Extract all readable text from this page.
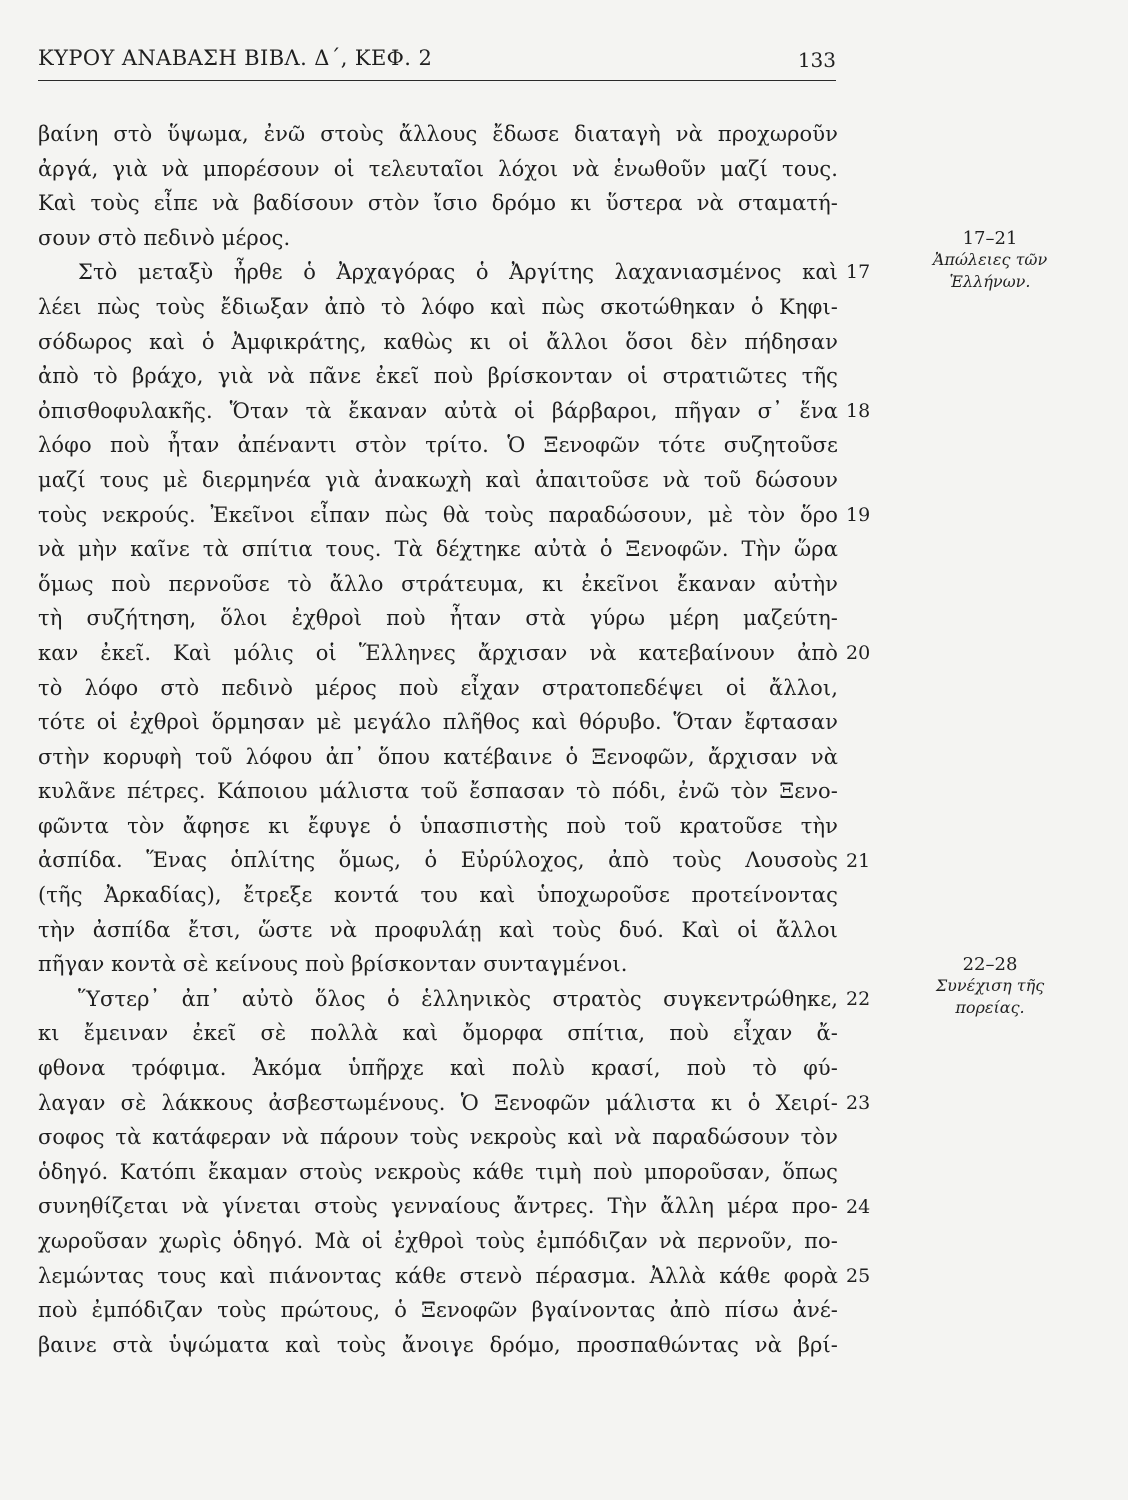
ΚΥΡΟΥ ΑΝΑΒΑΣΗ ΒΙΒΛ. Δ΄, ΚΕΦ. 2	133
βαίνη στὸ ὕψωμα, ἐνῶ στοὺς ἄλλους ἔδωσε διαταγὴ νὰ προχωροῦν
ἀργά, γιὰ νὰ μπορέσουν οἱ τελευταῖοι λόχοι νὰ ἑνωθοῦν μαζί τους.
Καὶ τοὺς εἶπε νὰ βαδίσουν στὸν ἴσιο δρόμο κι ὕστερα νὰ σταματή-
σουν στὸ πεδινὸ μέρος.
Στὸ μεταξὺ ἦρθε ὁ Ἀρχαγόρας ὁ Ἀργίτης λαχανιασμένος καὶ
λέει πὼς τοὺς ἔδιωξαν ἀπὸ τὸ λόφο καὶ πὼς σκοτώθηκαν ὁ Κηφι-
σόδωρος καὶ ὁ Ἀμφικράτης, καθὼς κι οἱ ἄλλοι ὅσοι δὲν πήδησαν
ἀπὸ τὸ βράχο, γιὰ νὰ πᾶνε ἐκεῖ ποὺ βρίσκονταν οἱ στρατιῶτες τῆς
ὀπισθοφυλακῆς. Ὅταν τὰ ἔκαναν αὐτὰ οἱ βάρβαροι, πῆγαν σ᾽ ἕνα
λόφο ποὺ ἦταν ἀπέναντι στὸν τρίτο. Ὁ Ξενοφῶν τότε συζητοῦσε
μαζί τους μὲ διερμηνέα γιὰ ἀνακωχὴ καὶ ἀπαιτοῦσε νὰ τοῦ δώσουν
τοὺς νεκρούς. Ἐκεῖνοι εἶπαν πὼς θὰ τοὺς παραδώσουν, μὲ τὸν ὅρο
νὰ μὴν καῖνε τὰ σπίτια τους. Τὰ δέχτηκε αὐτὰ ὁ Ξενοφῶν. Τὴν ὥρα
ὅμως ποὺ περνοῦσε τὸ ἄλλο στράτευμα, κι ἐκεῖνοι ἔκαναν αὐτὴν
τὴ συζήτηση, ὅλοι ἐχθροὶ ποὺ ἦταν στὰ γύρω μέρη μαζεύτη-
καν ἐκεῖ. Καὶ μόλις οἱ Ἕλληνες ἄρχισαν νὰ κατεβαίνουν ἀπὸ
τὸ λόφο στὸ πεδινὸ μέρος ποὺ εἶχαν στρατοπεδέψει οἱ ἄλλοι,
τότε οἱ ἐχθροὶ ὅρμησαν μὲ μεγάλο πλῆθος καὶ θόρυβο. Ὅταν ἔφτασαν
στὴν κορυφὴ τοῦ λόφου ἀπ᾽ ὅπου κατέβαινε ὁ Ξενοφῶν, ἄρχισαν νὰ
κυλᾶνε πέτρες. Κάποιου μάλιστα τοῦ ἔσπασαν τὸ πόδι, ἐνῶ τὸν Ξενο-
φῶντα τὸν ἄφησε κι ἔφυγε ὁ ὑπασπιστὴς ποὺ τοῦ κρατοῦσε τὴν
ἀσπίδα. Ἕνας ὁπλίτης ὅμως, ὁ Εὐρύλοχος, ἀπὸ τοὺς Λουσοὺς
(τῆς Ἀρκαδίας), ἔτρεξε κοντά του καὶ ὑποχωροῦσε προτείνοντας
τὴν ἀσπίδα ἔτσι, ὥστε νὰ προφυλάῃ καὶ τοὺς δυό. Καὶ οἱ ἄλλοι
πῆγαν κοντὰ σὲ κείνους ποὺ βρίσκονταν συνταγμένοι.
Ὕστερ᾽ ἀπ᾽ αὐτὸ ὅλος ὁ ἑλληνικὸς στρατὸς συγκεντρώθηκε,
κι ἔμειναν ἐκεῖ σὲ πολλὰ καὶ ὄμορφα σπίτια, ποὺ εἶχαν ἄ-
φθονα τρόφιμα. Ἀκόμα ὑπῆρχε καὶ πολὺ κρασί, ποὺ τὸ φύ-
λαγαν σὲ λάκκους ἀσβεστωμένους. Ὁ Ξενοφῶν μάλιστα κι ὁ Χειρί-
σοφος τὰ κατάφεραν νὰ πάρουν τοὺς νεκροὺς καὶ νὰ παραδώσουν τὸν
ὁδηγό. Κατόπι ἔκαμαν στοὺς νεκροὺς κάθε τιμὴ ποὺ μποροῦσαν, ὅπως
συνηθίζεται νὰ γίνεται στοὺς γενναίους ἄντρες. Τὴν ἄλλη μέρα προ-
χωροῦσαν χωρὶς ὁδηγό. Μὰ οἱ ἐχθροὶ τοὺς ἐμπόδιζαν νὰ περνοῦν, πο-
λεμώντας τους καὶ πιάνοντας κάθε στενὸ πέρασμα. Ἀλλὰ κάθε φορὰ
ποὺ ἐμπόδιζαν τοὺς πρώτους, ὁ Ξενοφῶν βγαίνοντας ἀπὸ πίσω ἀνέ-
βαινε στὰ ὑψώματα καὶ τοὺς ἄνοιγε δρόμο, προσπαθώντας νὰ βρί-
17–21
Ἀπώλειες τῶν
Ἑλλήνων.
22–28
Συνέχιση τῆς
πορείας.
17
18
19
20
21
22
23
24
25
